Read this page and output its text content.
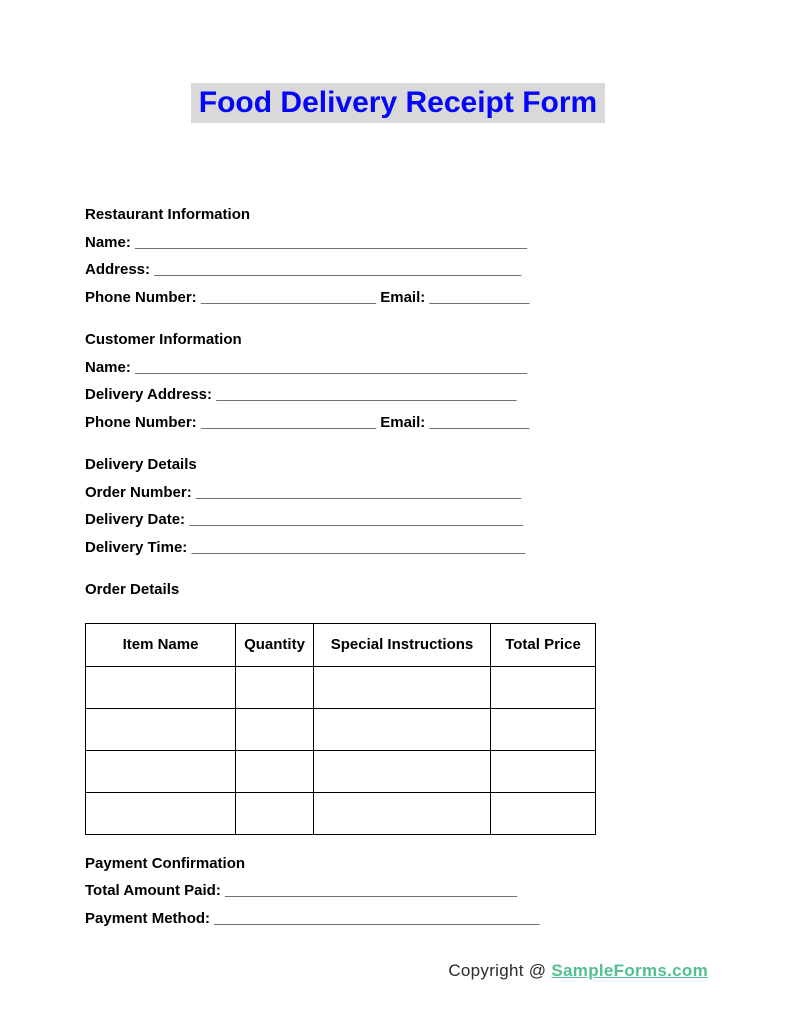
Food Delivery Receipt Form

Restaurant Information

Name: _______________________________________________

Address: ____________________________________________

Phone Number: _____________________ Email: ____________

Customer Information

Name: _______________________________________________

Delivery Address: ____________________________________

Phone Number: _____________________ Email: ____________

Delivery Details

Order Number: _______________________________________

Delivery Date: ________________________________________

Delivery Time: ________________________________________

Order Details

Item Name	Quantity	Special Instructions	Total Price

Payment Confirmation

Total Amount Paid: ___________________________________

Payment Method: _______________________________________

Copyright @ SampleForms.com
